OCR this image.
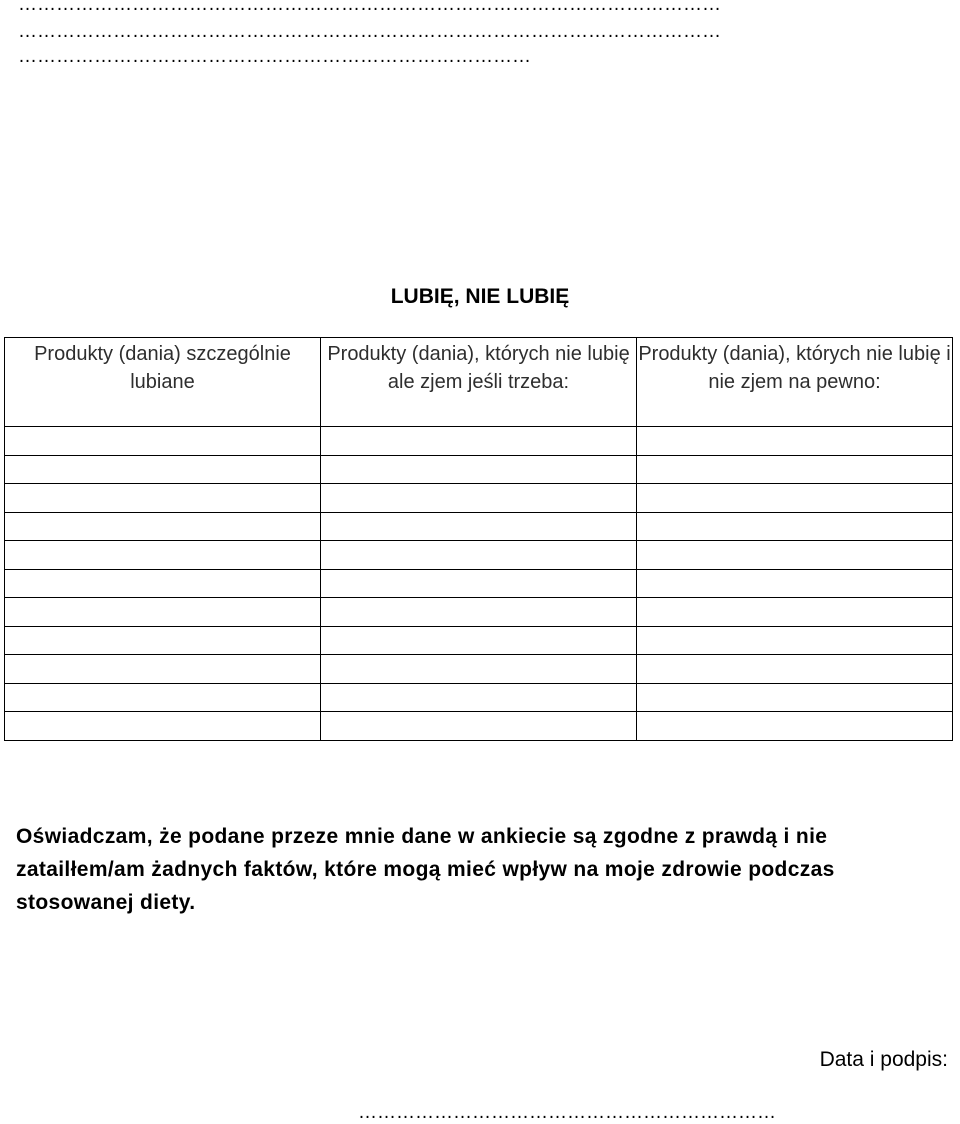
…………………………………………………………………………………………………
…………………………………………………………………………………………………
………………………………………………………………………
LUBIĘ, NIE LUBIĘ
Produkty (dania) szczególnie lubiane	Produkty (dania), których nie lubię ale zjem jeśli trzeba:	Produkty (dania), których nie lubię i nie zjem na pewno:

Oświadczam, że podane przeze mnie dane w ankiecie są zgodne z prawdą i nie zatailłem/am żadnych faktów, które mogą mieć wpływ na moje zdrowie podczas stosowanej diety.
Data i podpis:
…………………………………………………………
